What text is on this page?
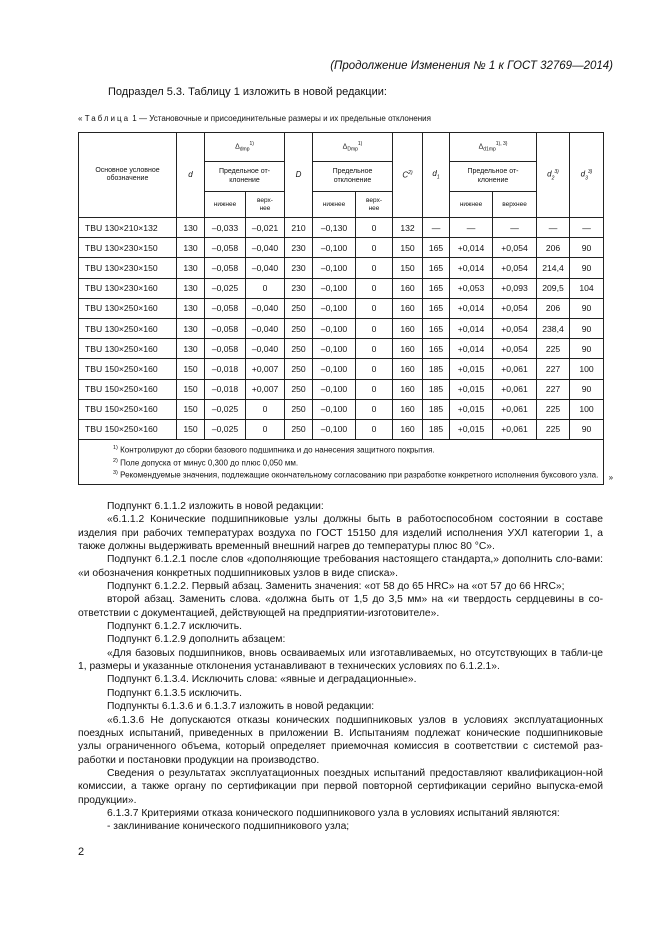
(Продолжение Изменения № 1 к ГОСТ 32769—2014)
Подраздел 5.3. Таблицу 1 изложить в новой редакции:
« Таблица 1 — Установочные и присоединительные размеры и их предельные отклонения
Основное условное обозначение	d	$\Delta_{dmp}^{1)}$		D	$\Delta_{Dmp}^{1)}$		$C^{2)}$	$d_1$	$\Delta_{d1mp}^{1), 3)}$		$d_2^{3)}$	$d_3^{3)}$
		Предельное от-клонение			Предельное отклонение				Предельное от-клонение			
		нижнее	верх-нее		нижнее	верх-нее			нижнее	верхнее		
TBU 130×210×132	130	–0,033	–0,021	210	–0,130	0	132	—	—	—	—	—
TBU 130×230×150	130	–0,058	–0,040	230	–0,100	0	150	165	+0,014	+0,054	206	90
TBU 130×230×150	130	–0,058	–0,040	230	–0,100	0	150	165	+0,014	+0,054	214,4	90
TBU 130×230×160	130	–0,025	0	230	–0,100	0	160	165	+0,053	+0,093	209,5	104
TBU 130×250×160	130	–0,058	–0,040	250	–0,100	0	160	165	+0,014	+0,054	206	90
TBU 130×250×160	130	–0,058	–0,040	250	–0,100	0	160	165	+0,014	+0,054	238,4	90
TBU 130×250×160	130	–0,058	–0,040	250	–0,100	0	160	165	+0,014	+0,054	225	90
TBU 150×250×160	150	–0,018	+0,007	250	–0,100	0	160	185	+0,015	+0,061	227	100
TBU 150×250×160	150	–0,018	+0,007	250	–0,100	0	160	185	+0,015	+0,061	227	90
TBU 150×250×160	150	–0,025	0	250	–0,100	0	160	185	+0,015	+0,061	225	100
TBU 150×250×160	150	–0,025	0	250	–0,100	0	160	185	+0,015	+0,061	225	90

$^{1)}$ Контролируют до сборки базового подшипника и до нанесения защитного покрытия.
$^{2)}$ Поле допуска от минус 0,300 до плюс 0,050 мм.
$^{3)}$ Рекомендуемые значения, подлежащие окончательному согласованию при разработке конкретного исполнения буксового узла. »												

Подпункт 6.1.1.2 изложить в новой редакции:

«6.1.1.2 Конические подшипниковые узлы должны быть в работоспособном состоянии в составе изделия при рабочих температурах воздуха по ГОСТ 15150 для изделий исполнения УХЛ категории 1, а также должны выдерживать временный внешний нагрев до температуры плюс 80 °С».

Подпункт 6.1.2.1 после слов «дополняющие требования настоящего стандарта,» дополнить сло-вами: «и обозначения конкретных подшипниковых узлов в виде списка».

Подпункт 6.1.2.2. Первый абзац. Заменить значения: «от 58 до 65 HRC» на «от 57 до 66 HRC»;

второй абзац. Заменить слова. «должна быть от 1,5 до 3,5 мм» на «и твердость сердцевины в со-ответствии с документацией, действующей на предприятии-изготовителе».

Подпункт 6.1.2.7 исключить.

Подпункт 6.1.2.9 дополнить абзацем:

«Для базовых подшипников, вновь осваиваемых или изготавливаемых, но отсутствующих в табли-це 1, размеры и указанные отклонения устанавливают в технических условиях по 6.1.2.1».

Подпункт 6.1.3.4. Исключить слова: «явные и деградационные».

Подпункт 6.1.3.5 исключить.

Подпункты 6.1.3.6 и 6.1.3.7 изложить в новой редакции:

«6.1.3.6 Не допускаются отказы конических подшипниковых узлов в условиях эксплуатационных поездных испытаний, приведенных в приложении В. Испытаниям подлежат конические подшипниковые узлы ограниченного объема, который определяет приемочная комиссия в соответствии с системой раз-работки и постановки продукции на производство.

Сведения о результатах эксплуатационных поездных испытаний предоставляют квалификацион-ной комиссии, а также органу по сертификации при первой повторной сертификации серийно выпуска-емой продукции».

6.1.3.7 Критериями отказа конического подшипникового узла в условиях испытаний являются:

- заклинивание конического подшипникового узла;

2
